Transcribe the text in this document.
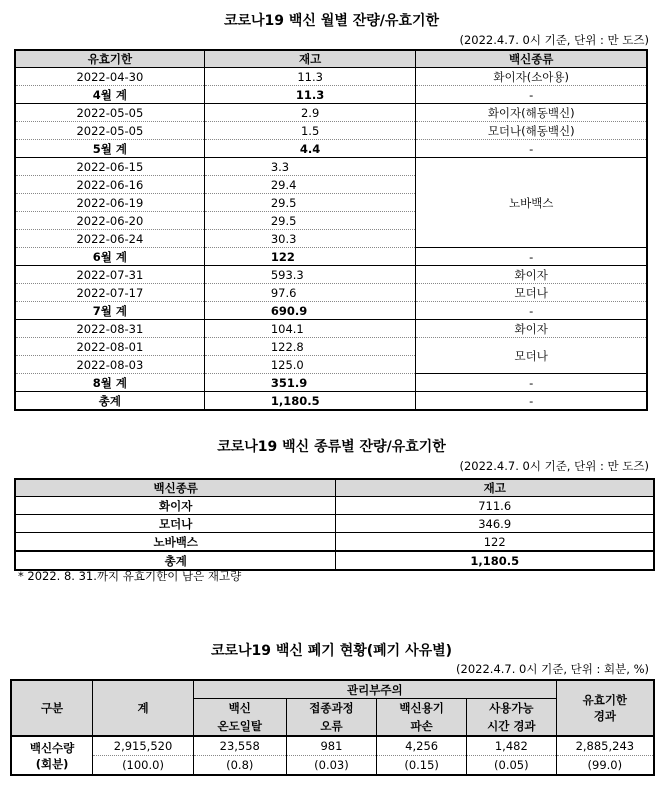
코로나19 백신 월별 잔량/유효기한
(2022.4.7. 0시 기준, 단위 : 만 도즈)
유효기한	재고	백신종류
2022-04-30	11.3	화이자(소아용)
4월 계	11.3	-
2022-05-05	2.9	화이자(해동백신)
2022-05-05	1.5	모더나(해동백신)
5월 계	4.4	-
2022-06-15	3.3	노바백스
2022-06-16	29.4	
2022-06-19	29.5	
2022-06-20	29.5	
2022-06-24	30.3	
6월 계	122	-
2022-07-31	593.3	화이자
2022-07-17	97.6	모더나
7월 계	690.9	-
2022-08-31	104.1	화이자
2022-08-01	122.8	모더나
2022-08-03	125.0	
8월 계	351.9	-
총계	1,180.5	-
코로나19 백신 종류별 잔량/유효기한
(2022.4.7. 0시 기준, 단위 : 만 도즈)
백신종류	재고
화이자	711.6
모더나	346.9
노바백스	122
총계	1,180.5
* 2022. 8. 31.까지 유효기한이 남은 재고량
코로나19 백신 폐기 현황(폐기 사유별)
(2022.4.7. 0시 기준, 단위 : 회분, %)
구분	계	관리부주의				유효기한
경과

		백신	접종과정	백신용기	사용가능	
		온도일탈	오류	파손	시간 경과	

백신수량
(회분)	2,915,520	23,558	981	4,256	1,482	2,885,243
	(100.0)	(0.8)	(0.03)	(0.15)	(0.05)	(99.0)
